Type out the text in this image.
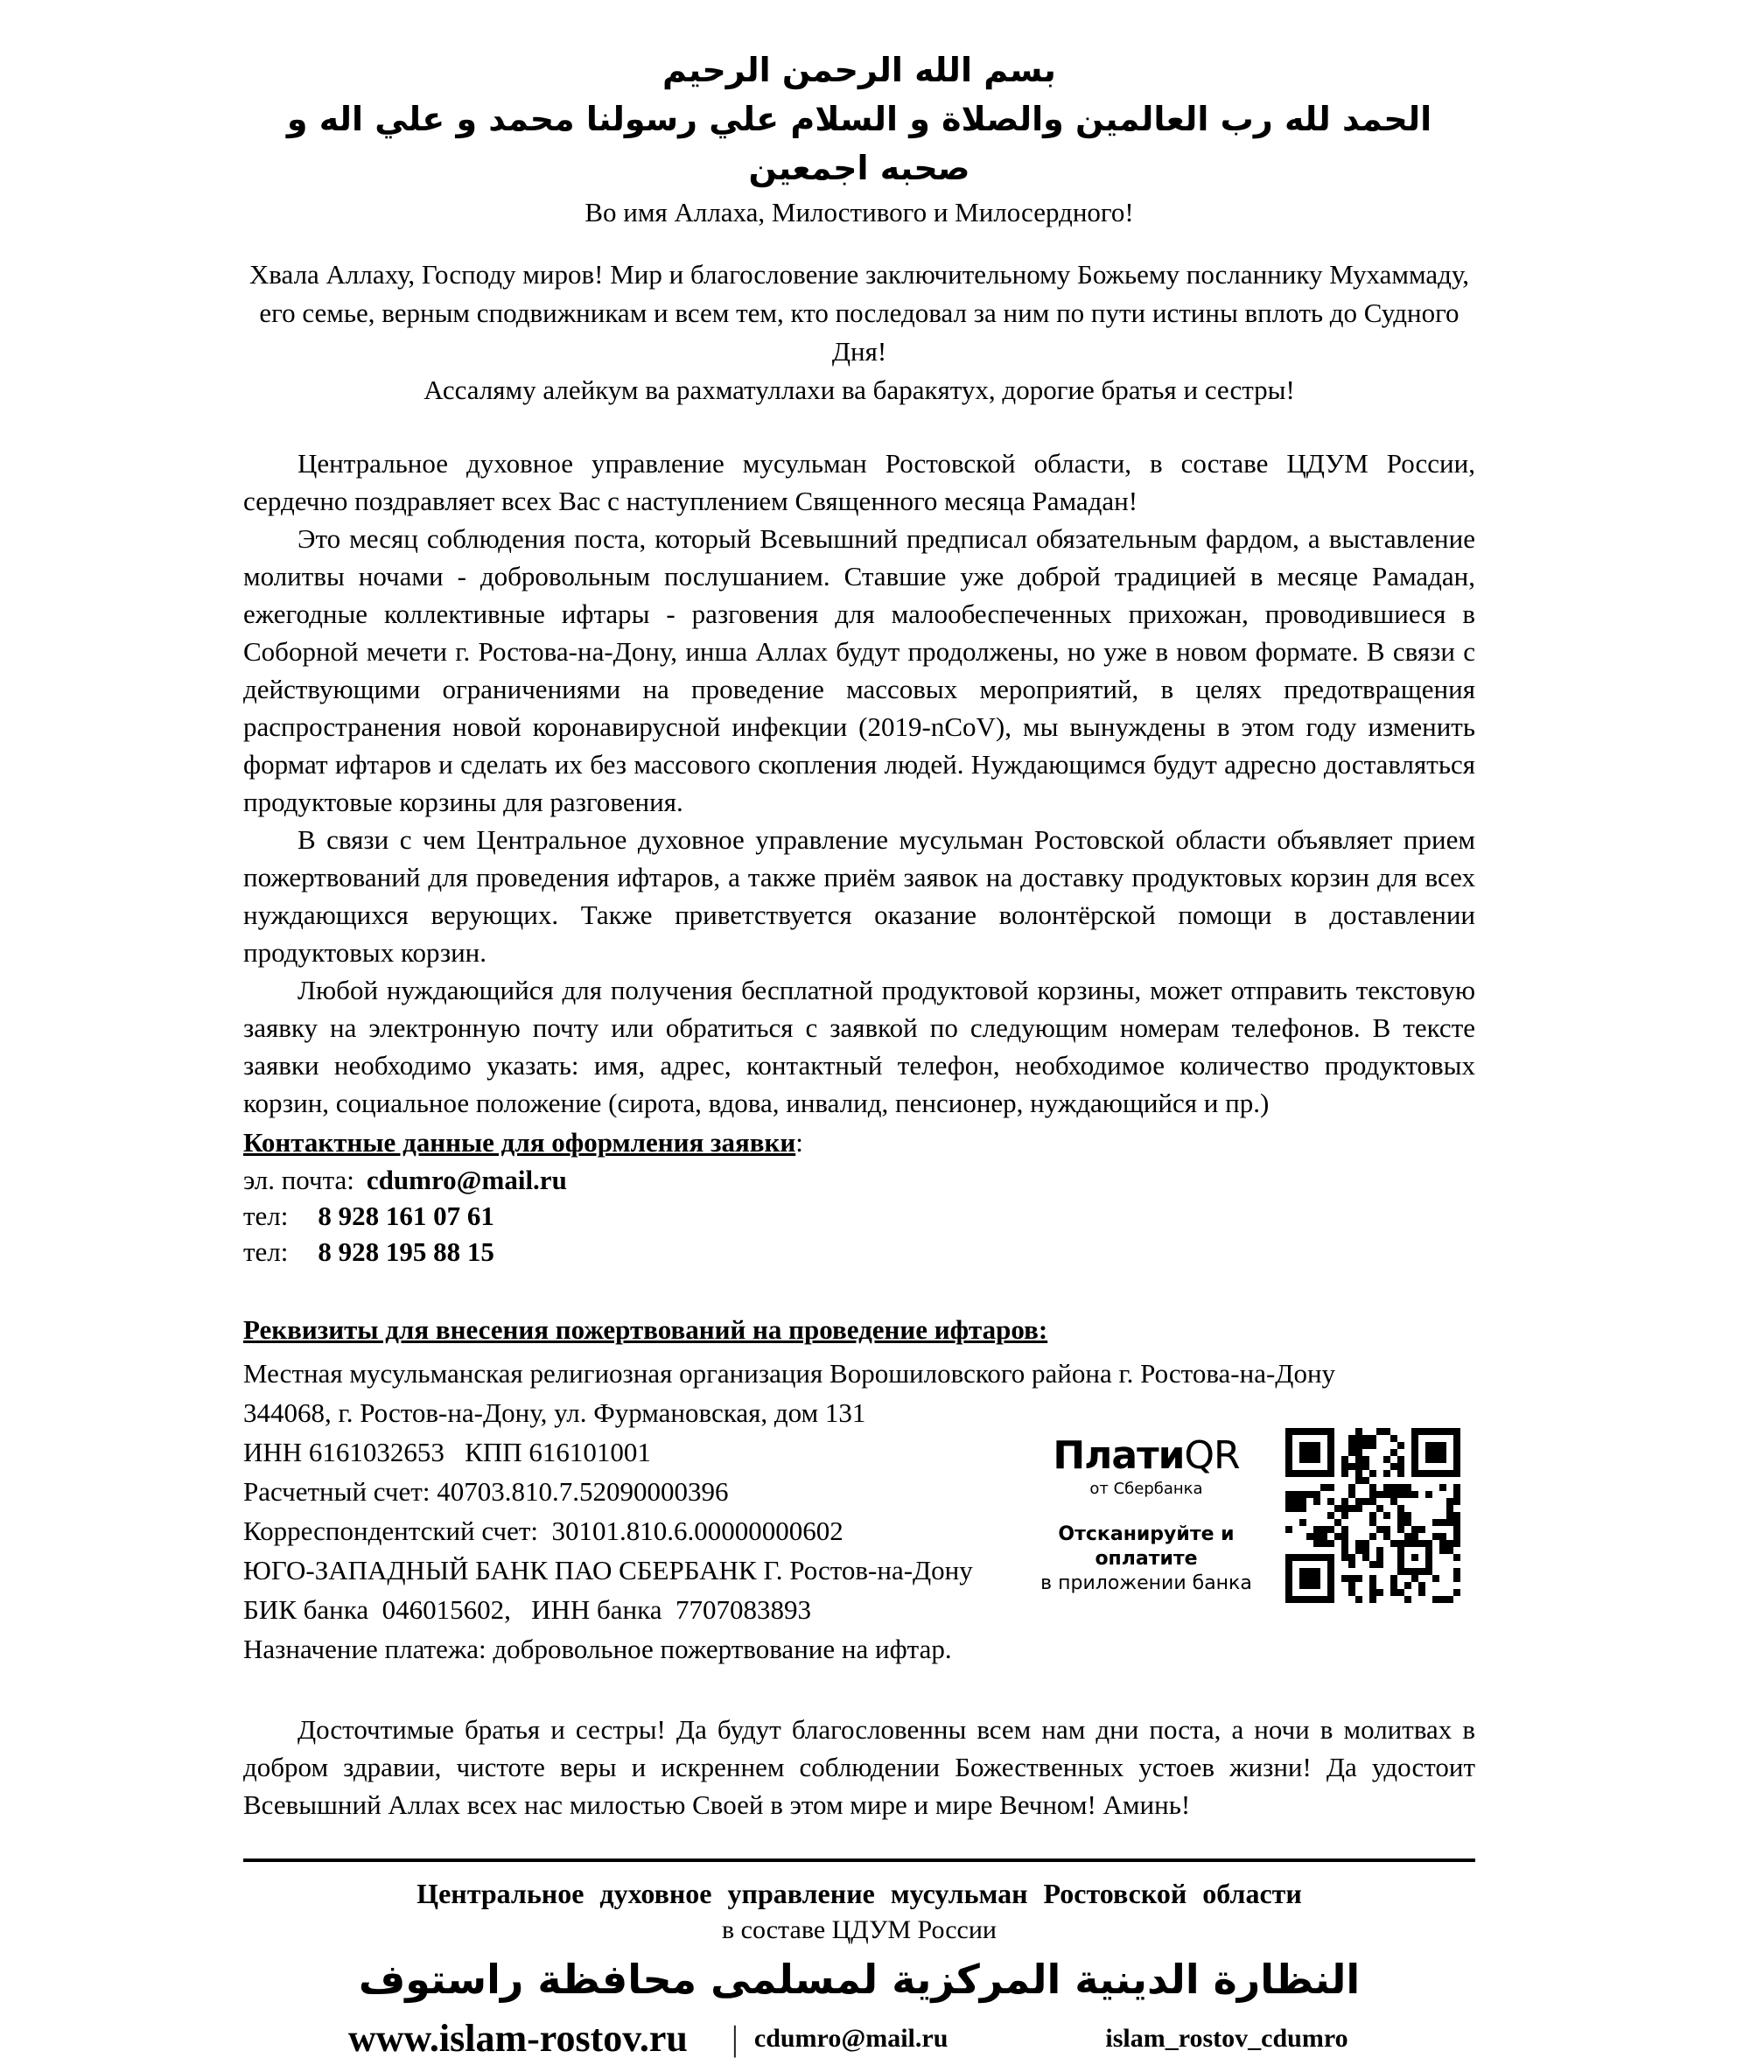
بسم الله الرحمن الرحيم
الحمد لله رب العالمين والصلاة و السلام علي رسولنا محمد و علي اله و صحبه اجمعين
Во имя Аллаха, Милостивого и Милосердного!
Хвала Аллаху, Господу миров! Мир и благословение заключительному Божьему посланнику Мухаммаду, его семье, верным сподвижникам и всем тем, кто последовал за ним по пути истины вплоть до Судного Дня!
Ассаляму алейкум ва рахматуллахи ва баракятух, дорогие братья и сестры!

Центральное духовное управление мусульман Ростовской области, в составе ЦДУМ России, сердечно поздравляет всех Вас с наступлением Священного месяца Рамадан!

Это месяц соблюдения поста, который Всевышний предписал обязательным фардом, а выставление молитвы ночами - добровольным послушанием. Ставшие уже доброй традицией в месяце Рамадан, ежегодные коллективные ифтары - разговения для малообеспеченных прихожан, проводившиеся в Соборной мечети г. Ростова-на-Дону, инша Аллах будут продолжены, но уже в новом формате. В связи с действующими ограничениями на проведение массовых мероприятий, в целях предотвращения распространения новой коронавирусной инфекции (2019-nCoV), мы вынуждены в этом году изменить формат ифтаров и сделать их без массового скопления людей. Нуждающимся будут адресно доставляться продуктовые корзины для разговения.

В связи с чем Центральное духовное управление мусульман Ростовской области объявляет прием пожертвований для проведения ифтаров, а также приём заявок на доставку продуктовых корзин для всех нуждающихся верующих. Также приветствуется оказание волонтёрской помощи в доставлении продуктовых корзин.

Любой нуждающийся для получения бесплатной продуктовой корзины, может отправить текстовую заявку на электронную почту или обратиться с заявкой по следующим номерам телефонов. В тексте заявки необходимо указать: имя, адрес, контактный телефон, необходимое количество продуктовых корзин, социальное положение (сирота, вдова, инвалид, пенсионер, нуждающийся и пр.)

Контактные данные для оформления заявки:
эл. почта: cdumro@mail.ru
тел: 8 928 161 07 61
тел: 8 928 195 88 15
Реквизиты для внесения пожертвований на проведение ифтаров:

Местная мусульманская религиозная организация Ворошиловского района г. Ростова-на-Дону

344068, г. Ростов-на-Дону, ул. Фурмановская, дом 131

ИНН 6161032653   КПП 616101001

Расчетный счет: 40703.810.7.52090000396

Корреспондентский счет:  30101.810.6.00000000602

ЮГО-ЗАПАДНЫЙ БАНК ПАО СБЕРБАНК Г. Ростов-на-Дону

БИК банка  046015602,   ИНН банка  7707083893

Назначение платежа: добровольное пожертвование на ифтар.

ПлатиQR
от Сбербанка
Отсканируйте и оплатите
в приложении банка

Досточтимые братья и сестры! Да будут благословенны всем нам дни поста, а ночи в молитвах в добром здравии, чистоте веры и искреннем соблюдении Божественных устоев жизни! Да удостоит Всевышний Аллах всех нас милостью Своей в этом мире и мире Вечном! Аминь!

Центральное духовное управление мусульман Ростовской области
в составе ЦДУМ России
النظارة الدينية المركزية لمسلمى محافظة راستوف
www.islam-rostov.ru | cdumro@mail.ru	islam_rostov_cdumro
